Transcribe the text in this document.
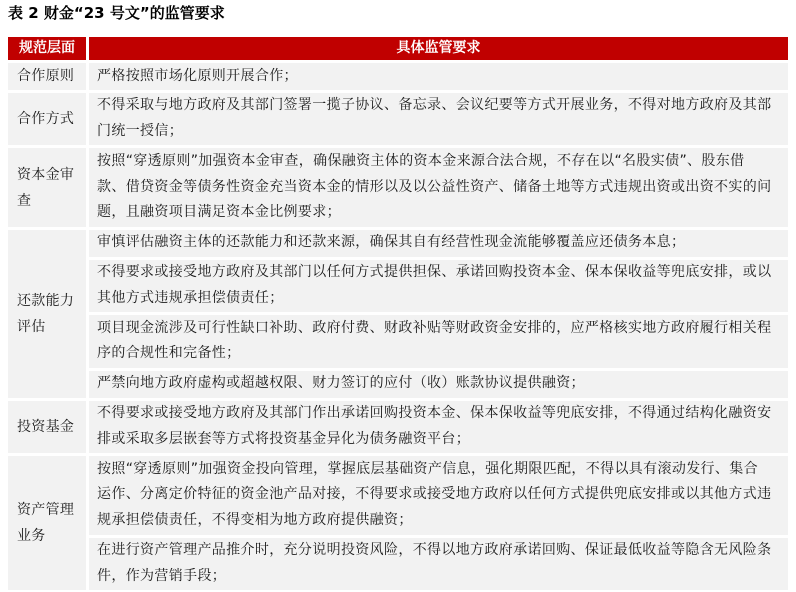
表 2 财金“23 号文”的监管要求
规范层面	具体监管要求
合作原则 严格按照市场化原则开展合作；
合作方式
不得采取与地方政府及其部门签署一揽子协议、备忘录、会议纪要等方式开展业务，不得对地方政府及其部
门统一授信；
资本金审查
按照“穿透原则”加强资本金审查，确保融资主体的资本金来源合法合规，不存在以“名股实债”、股东借
款、借贷资金等债务性资金充当资本金的情形以及以公益性资产、储备土地等方式违规出资或出资不实的问
题，且融资项目满足资本金比例要求；
还款能力评估
审慎评估融资主体的还款能力和还款来源，确保其自有经营性现金流能够覆盖应还债务本息；
不得要求或接受地方政府及其部门以任何方式提供担保、承诺回购投资本金、保本保收益等兜底安排，或以
其他方式违规承担偿债责任；
项目现金流涉及可行性缺口补助、政府付费、财政补贴等财政资金安排的，应严格核实地方政府履行相关程
序的合规性和完备性；
严禁向地方政府虚构或超越权限、财力签订的应付（收）账款协议提供融资；
投资基金
不得要求或接受地方政府及其部门作出承诺回购投资本金、保本保收益等兜底安排，不得通过结构化融资安
排或采取多层嵌套等方式将投资基金异化为债务融资平台；
资产管理业务
按照“穿透原则”加强资金投向管理，掌握底层基础资产信息，强化期限匹配，不得以具有滚动发行、集合
运作、分离定价特征的资金池产品对接，不得要求或接受地方政府以任何方式提供兜底安排或以其他方式违
规承担偿债责任，不得变相为地方政府提供融资；
在进行资产管理产品推介时，充分说明投资风险，不得以地方政府承诺回购、保证最低收益等隐含无风险条
件，作为营销手段；
